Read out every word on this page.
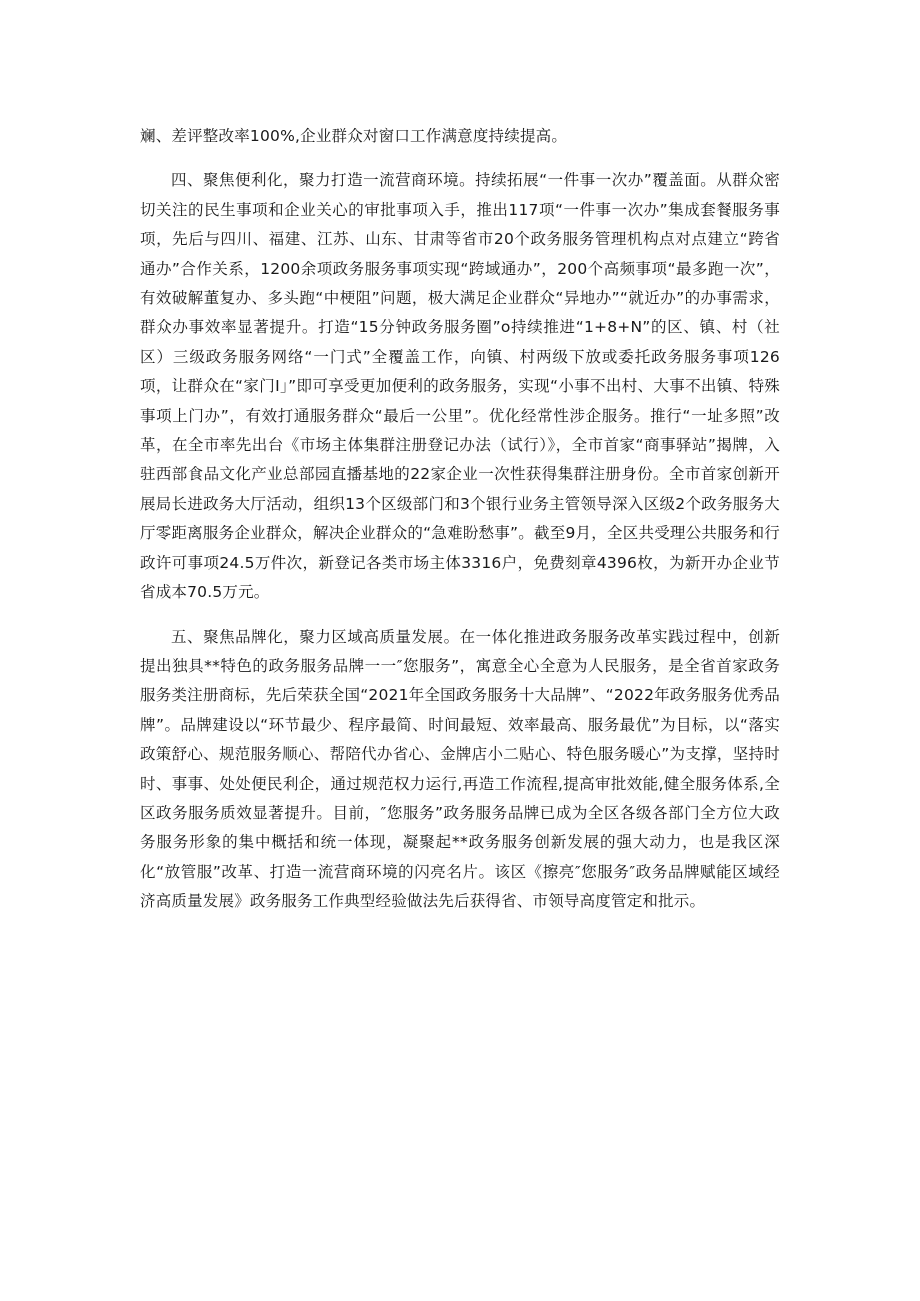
斓、差评整改率100%,企业群众对窗口工作满意度持续提高。

四、聚焦便利化，聚力打造一流营商环境。持续拓展“一件事一次办”覆盖面。从群众密切关注的民生事项和企业关心的审批事项入手，推出117项“一件事一次办”集成套餐服务事项，先后与四川、福建、江苏、山东、甘肃等省市20个政务服务管理机构点对点建立“跨省通办”合作关系，1200余项政务服务事项实现“跨域通办”，200个高频事项“最多跑一次”，有效破解董复办、多头跑“中梗阻”问题，极大满足企业群众“异地办”“就近办”的办事需求，群众办事效率显著提升。打造“15分钟政务服务圈”o持续推进“1+8+N”的区、镇、村（社区）三级政务服务网络“一门式”全覆盖工作，向镇、村两级下放或委托政务服务事项126项，让群众在“家门I」”即可享受更加便利的政务服务，实现“小事不出村、大事不出镇、特殊事项上门办”，有效打通服务群众“最后一公里”。优化经常性涉企服务。推行“一址多照”改革，在全市率先出台《市场主体集群注册登记办法（试行）》，全市首家“商事驿站”揭牌，入驻西部食品文化产业总部园直播基地的22家企业一次性获得集群注册身份。全市首家创新开展局长进政务大厅活动，组织13个区级部门和3个银行业务主管领导深入区级2个政务服务大厅零距离服务企业群众，解决企业群众的“急难盼愁事”。截至9月，全区共受理公共服务和行政许可事项24.5万件次，新登记各类市场主体3316户，免费刻章4396枚，为新开办企业节省成本70.5万元。

五、聚焦品牌化，聚力区域高质量发展。在一体化推进政务服务改革实践过程中，创新提出独具**特色的政务服务品牌一一″您服务”，寓意全心全意为人民服务，是全省首家政务服务类注册商标，先后荣获全国“2021年全国政务服务十大品牌”、“2022年政务服务优秀品牌”。品牌建设以“环节最少、程序最简、时间最短、效率最高、服务最优”为目标，以“落实政策舒心、规范服务顺心、帮陪代办省心、金牌店小二贴心、特色服务暖心”为支撑，坚持时时、事事、处处便民利企，通过规范权力运行,再造工作流程,提高审批效能,健全服务体系,全区政务服务质效显著提升。目前，″您服务”政务服务品牌已成为全区各级各部门全方位大政务服务形象的集中概括和统一体现，凝聚起**政务服务创新发展的强大动力，也是我区深化“放管服”改革、打造一流营商环境的闪亮名片。该区《擦亮″您服务″政务品牌赋能区域经济高质量发展》政务服务工作典型经验做法先后获得省、市领导高度管定和批示。
